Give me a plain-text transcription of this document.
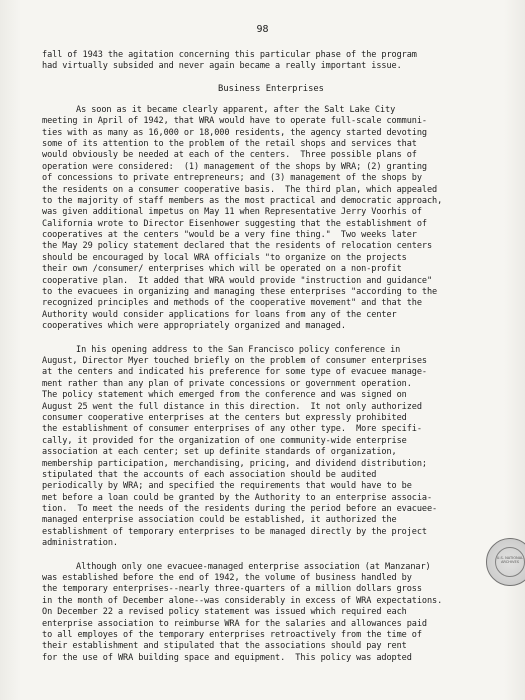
98
fall of 1943 the agitation concerning this particular phase of the program
had virtually subsided and never again became a really important issue.
Business Enterprises
As soon as it became clearly apparent, after the Salt Lake City
meeting in April of 1942, that WRA would have to operate full-scale communi-
ties with as many as 16,000 or 18,000 residents, the agency started devoting
some of its attention to the problem of the retail shops and services that
would obviously be needed at each of the centers.  Three possible plans of
operation were considered:  (1) management of the shops by WRA; (2) granting
of concessions to private entrepreneurs; and (3) management of the shops by
the residents on a consumer cooperative basis.  The third plan, which appealed
to the majority of staff members as the most practical and democratic approach,
was given additional impetus on May 11 when Representative Jerry Voorhis of
California wrote to Director Eisenhower suggesting that the establishment of
cooperatives at the centers "would be a very fine thing."  Two weeks later
the May 29 policy statement declared that the residents of relocation centers
should be encouraged by local WRA officials "to organize on the projects
their own /consumer/ enterprises which will be operated on a non-profit
cooperative plan.  It added that WRA would provide "instruction and guidance"
to the evacuees in organizing and managing these enterprises "according to the
recognized principles and methods of the cooperative movement" and that the
Authority would consider applications for loans from any of the center
cooperatives which were appropriately organized and managed.
In his opening address to the San Francisco policy conference in
August, Director Myer touched briefly on the problem of consumer enterprises
at the centers and indicated his preference for some type of evacuee manage-
ment rather than any plan of private concessions or government operation.
The policy statement which emerged from the conference and was signed on
August 25 went the full distance in this direction.  It not only authorized
consumer cooperative enterprises at the centers but expressly prohibited
the establishment of consumer enterprises of any other type.  More specifi-
cally, it provided for the organization of one community-wide enterprise
association at each center; set up definite standards of organization,
membership participation, merchandising, pricing, and dividend distribution;
stipulated that the accounts of each association should be audited
periodically by WRA; and specified the requirements that would have to be
met before a loan could be granted by the Authority to an enterprise associa-
tion.  To meet the needs of the residents during the period before an evacuee-
managed enterprise association could be established, it authorized the
establishment of temporary enterprises to be managed directly by the project
administration.
Although only one evacuee-managed enterprise association (at Manzanar)
was established before the end of 1942, the volume of business handled by
the temporary enterprises--nearly three-quarters of a million dollars gross
in the month of December alone--was considerably in excess of WRA expectations.
On December 22 a revised policy statement was issued which required each
enterprise association to reimburse WRA for the salaries and allowances paid
to all employes of the temporary enterprises retroactively from the time of
their establishment and stipulated that the associations should pay rent
for the use of WRA building space and equipment.  This policy was adopted
U.S. NATIONAL ARCHIVES
